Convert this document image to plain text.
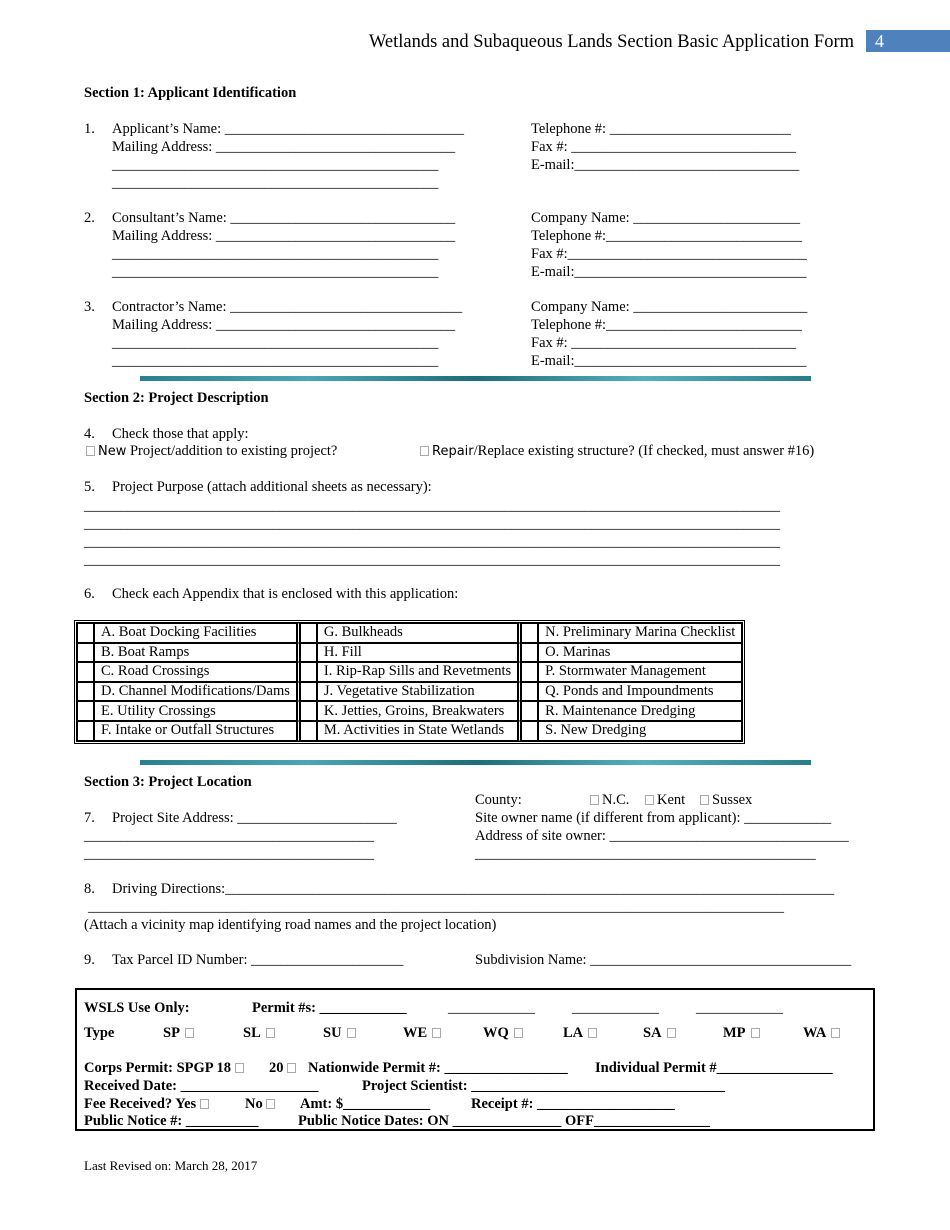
Wetlands and Subaqueous Lands Section Basic Application Form	4
Section 1: Applicant Identification
1. Applicant’s Name: _________________________________
Mailing Address: _________________________________
_____________________________________________
_____________________________________________
Telephone #: _________________________
Fax #: _______________________________
E-mail:_______________________________
2. Consultant’s Name: _______________________________
Mailing Address: _________________________________
_____________________________________________
_____________________________________________
Company Name: _______________________
Telephone #:___________________________
Fax #:_________________________________
E-mail:________________________________
3. Contractor’s Name: ________________________________
Mailing Address: _________________________________
_____________________________________________
_____________________________________________
Company Name: ________________________
Telephone #:___________________________
Fax #: _______________________________
E-mail:________________________________
Section 2: Project Description
4. Check those that apply:
New Project/addition to existing project?	Repair/Replace existing structure? (If checked, must answer #16)
5. Project Purpose (attach additional sheets as necessary):
________________________________________________________________________________________________
________________________________________________________________________________________________
________________________________________________________________________________________________
________________________________________________________________________________________________
6. Check each Appendix that is enclosed with this application:
	A. Boat Docking Facilities			G. Bulkheads			N. Preliminary Marina Checklist
	B. Boat Ramps			H. Fill			O. Marinas
	C. Road Crossings			I. Rip-Rap Sills and Revetments			P. Stormwater Management
	D. Channel Modifications/Dams			J. Vegetative Stabilization			Q. Ponds and Impoundments
	E. Utility Crossings			K. Jetties, Groins, Breakwaters			R. Maintenance Dredging
	F. Intake or Outfall Structures			M. Activities in State Wetlands			S. New Dredging
Section 3: Project Location
County:	N.C.	Kent	Sussex
7. Project Site Address: ______________________
________________________________________
________________________________________
Site owner name (if different from applicant): ____________
Address of site owner: _________________________________
_______________________________________________
8. Driving Directions:____________________________________________________________________________________
________________________________________________________________________________________________
(Attach a vicinity map identifying road names and the project location)
9. Tax Parcel ID Number: _____________________	Subdivision Name: ____________________________________
WSLS Use Only:	Permit #s: ____________	____________	____________	____________
Type	SP	SL	SU	WE	WQ	LA	SA	MP	WA
Corps Permit: SPGP 18	20	Nationwide Permit #: _________________ Individual Permit #________________
Received Date: ___________________	Project Scientist: ___________________________________
Fee Received? Yes	No	Amt: $____________	Receipt #: ___________________
Public Notice #: __________	Public Notice Dates: ON _______________ OFF________________
Last Revised on: March 28, 2017
